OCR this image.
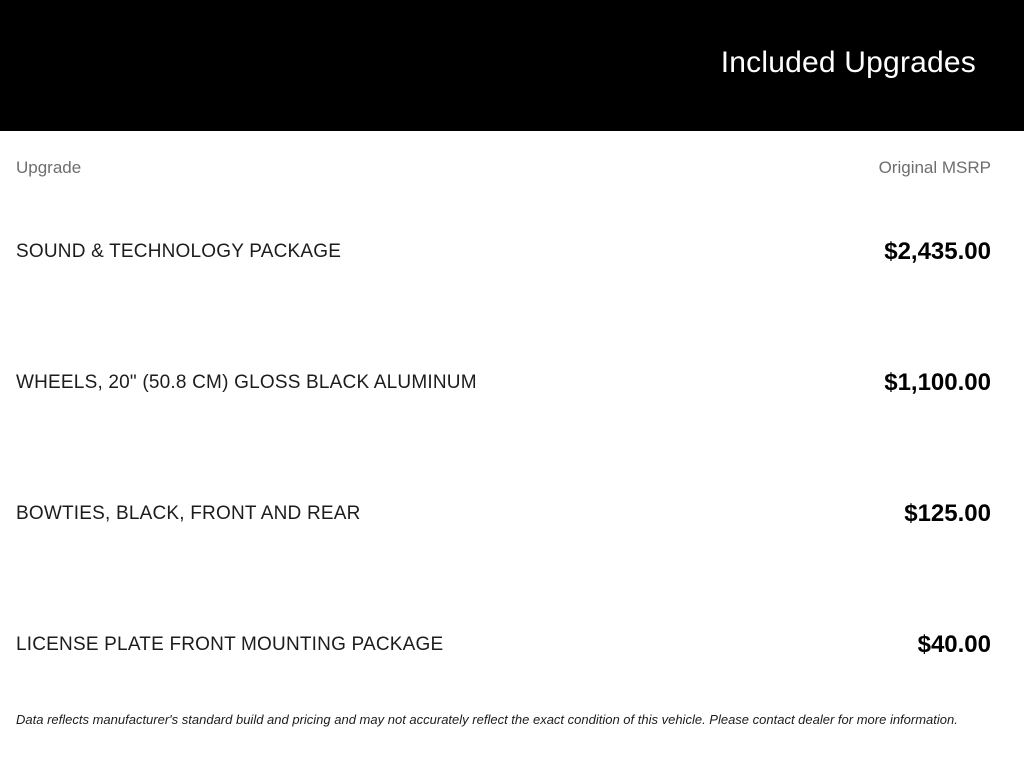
Included Upgrades
Upgrade	Original MSRP
SOUND & TECHNOLOGY PACKAGE	$2,435.00
WHEELS, 20" (50.8 CM) GLOSS BLACK ALUMINUM	$1,100.00
BOWTIES, BLACK, FRONT AND REAR	$125.00
LICENSE PLATE FRONT MOUNTING PACKAGE	$40.00
Data reflects manufacturer's standard build and pricing and may not accurately reflect the exact condition of this vehicle. Please contact dealer for more information.
